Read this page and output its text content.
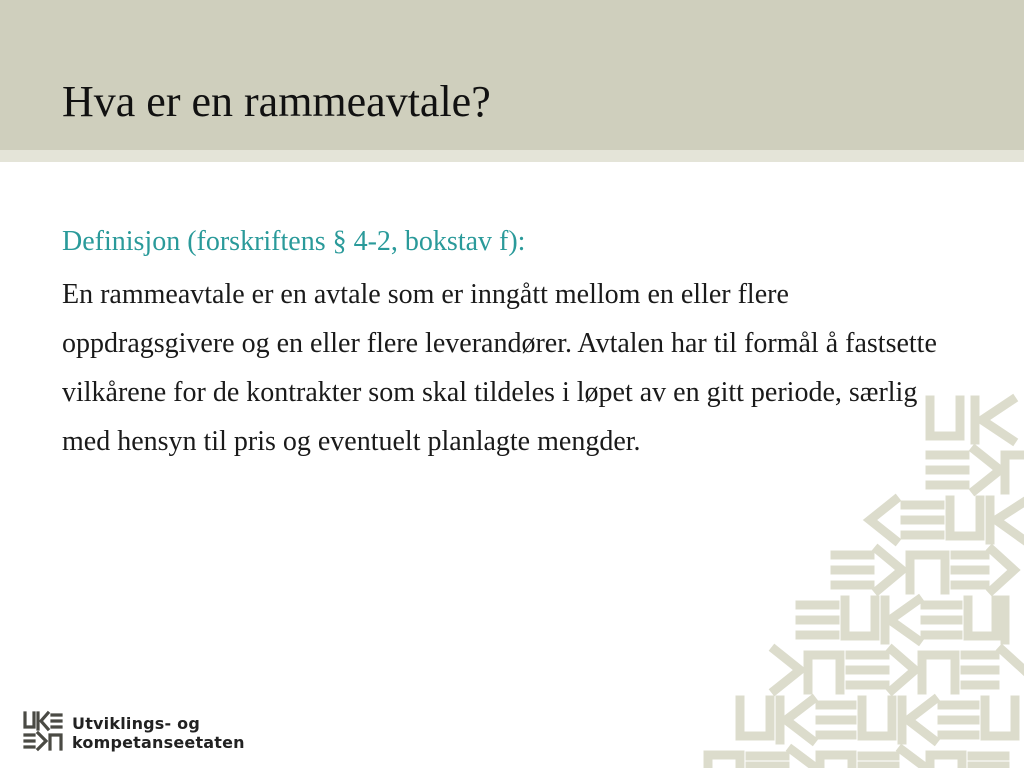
Hva er en rammeavtale?
Definisjon (forskriftens § 4-2, bokstav f):
En rammeavtale er en avtale som er inngått mellom en eller flere oppdragsgivere og en eller flere leverandører. Avtalen har til formål å fastsette vilkårene for de kontrakter som skal tildeles i løpet av en gitt periode, særlig med hensyn til pris og eventuelt planlagte mengder.
Utviklings- og
kompetanseetaten
